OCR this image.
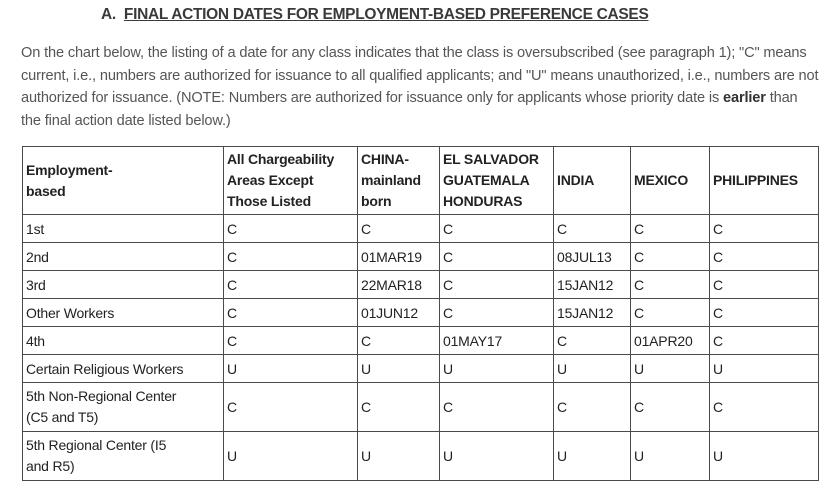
A. FINAL ACTION DATES FOR EMPLOYMENT-BASED PREFERENCE CASES
On the chart below, the listing of a date for any class indicates that the class is oversubscribed (see paragraph 1); "C" means current, i.e., numbers are authorized for issuance to all qualified applicants; and "U" means unauthorized, i.e., numbers are not authorized for issuance. (NOTE: Numbers are authorized for issuance only for applicants whose priority date is earlier than the final action date listed below.)
Employment-based	All Chargeability Areas Except Those Listed	CHINA-mainland born	EL SALVADOR GUATEMALA HONDURAS	INDIA	MEXICO	PHILIPPINES
1st	C	C	C	C	C	C
2nd	C	01MAR19	C	08JUL13	C	C
3rd	C	22MAR18	C	15JAN12	C	C
Other Workers	C	01JUN12	C	15JAN12	C	C
4th	C	C	01MAY17	C	01APR20	C
Certain Religious Workers	U	U	U	U	U	U
5th Non-Regional Center (C5 and T5)	C	C	C	C	C	C
5th Regional Center (I5 and R5)	U	U	U	U	U	U
